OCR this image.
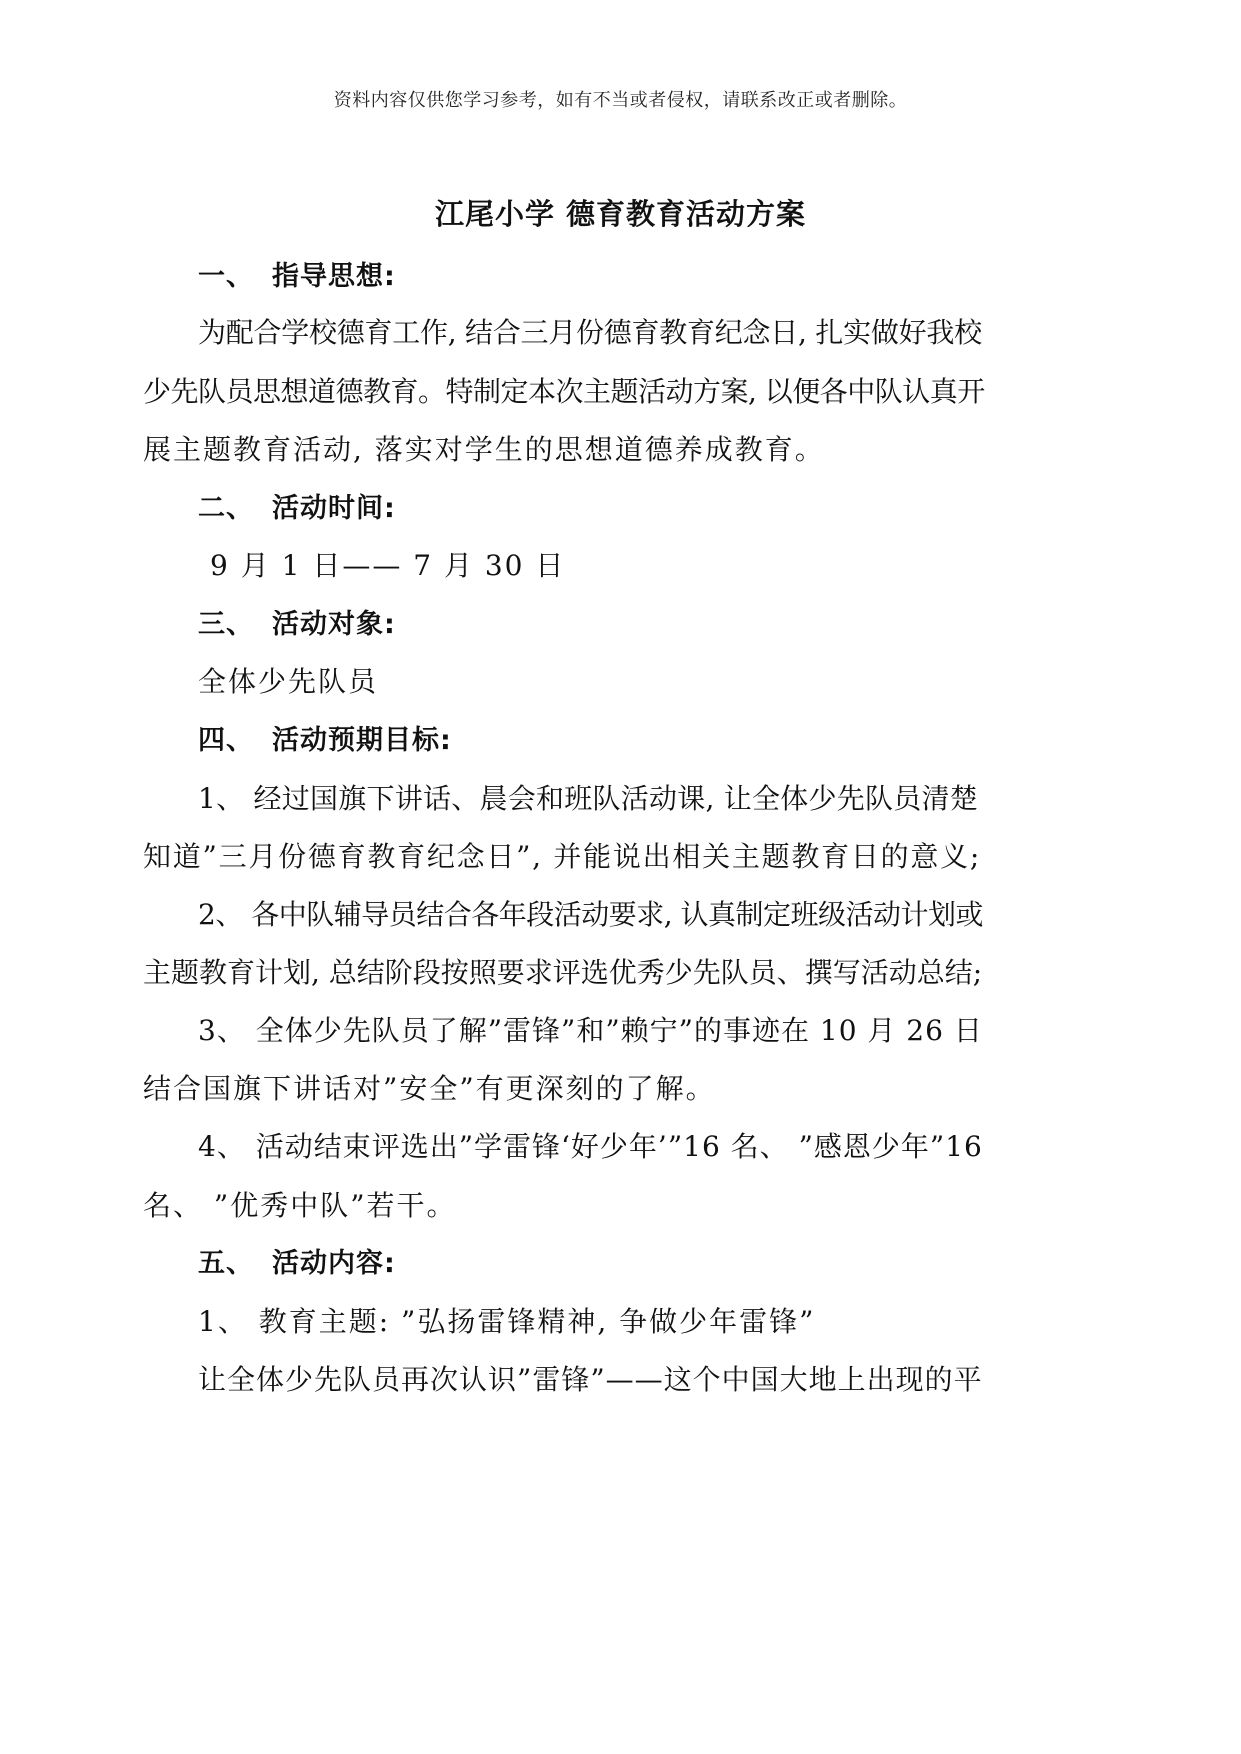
资料内容仅供您学习参考，如有不当或者侵权，请联系改正或者删除。
江尾小学 德育教育活动方案
一、 指导思想:
为配合学校德育工作, 结合三月份德育教育纪念日, 扎实做好我校
少先队员思想道德教育。特制定本次主题活动方案, 以便各中队认真开
展主题教育活动, 落实对学生的思想道德养成教育。
二、 活动时间:
9 月 1 日—— 7 月 30 日
三、 活动对象:
全体少先队员
四、 活动预期目标:
1、 经过国旗下讲话、晨会和班队活动课, 让全体少先队员清楚
知道”三月份德育教育纪念日”, 并能说出相关主题教育日的意义;
2、 各中队辅导员结合各年段活动要求, 认真制定班级活动计划或
主题教育计划, 总结阶段按照要求评选优秀少先队员、撰写活动总结;
3、 全体少先队员了解”雷锋”和”赖宁”的事迹在 10 月 26 日
结合国旗下讲话对”安全”有更深刻的了解。
4、 活动结束评选出”学雷锋‘好少年’”16 名、 ”感恩少年”16
名、 ”优秀中队”若干。
五、 活动内容:
1、 教育主题: ”弘扬雷锋精神, 争做少年雷锋”
让全体少先队员再次认识”雷锋”——这个中国大地上出现的平
